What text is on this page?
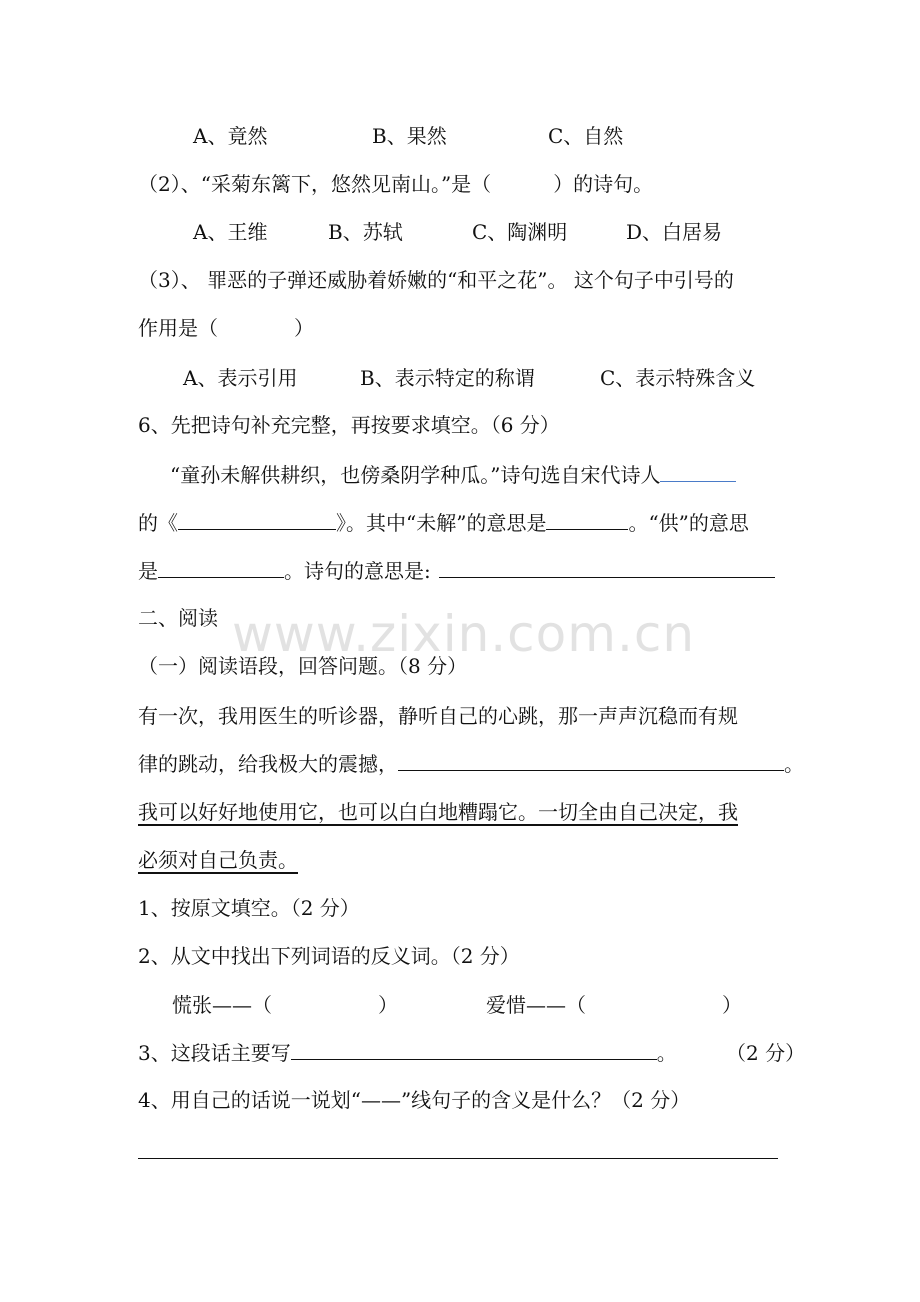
A、竟然	B、果然	C、自然
（2）、“采菊东篱下，悠然见南山。”是（	）的诗句。
A、王维	B、苏轼	C、陶渊明	D、白居易
（3）、 罪恶的子弹还威胁着娇嫩的“和平之花”。 这个句子中引号的
作用是（	）
A、表示引用	B、表示特定的称谓	C、表示特殊含义
6、先把诗句补充完整，再按要求填空。（6 分）
“童孙未解供耕织，也傍桑阴学种瓜。”诗句选自宋代诗人
的《	》。其中“未解”的意思是	。“供”的意思
是	。诗句的意思是:
二、阅读
（一）阅读语段，回答问题。（8 分）
有一次，我用医生的听诊器，静听自己的心跳，那一声声沉稳而有规
律的跳动，给我极大的震撼，	。
我可以好好地使用它，也可以白白地糟蹋它。一切全由自己决定，我
必须对自己负责。
1、按原文填空。（2 分）
2、从文中找出下列词语的反义词。（2 分）
慌张——（	）	爱惜——（	）
3、这段话主要写	。 （2 分）
4、用自己的话说一说划“——”线句子的含义是什么？（2 分）
www.zixin.com.cn
